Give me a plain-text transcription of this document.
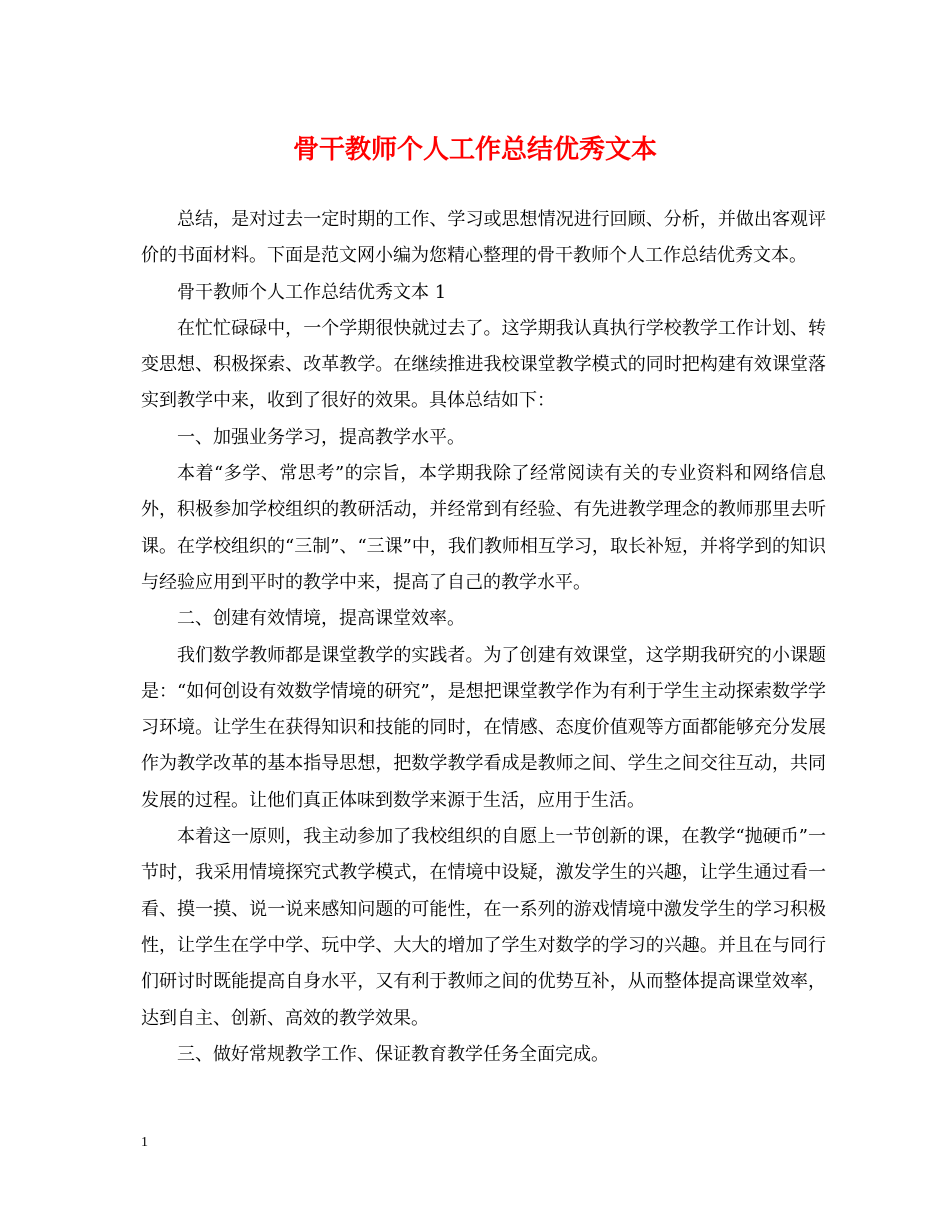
骨干教师个人工作总结优秀文本

总结，是对过去一定时期的工作、学习或思想情况进行回顾、分析，并做出客观评价的书面材料。下面是范文网小编为您精心整理的骨干教师个人工作总结优秀文本。

骨干教师个人工作总结优秀文本 1

在忙忙碌碌中，一个学期很快就过去了。这学期我认真执行学校教学工作计划、转变思想、积极探索、改革教学。在继续推进我校课堂教学模式的同时把构建有效课堂落实到教学中来，收到了很好的效果。具体总结如下：

一、加强业务学习，提高教学水平。

本着“多学、常思考”的宗旨，本学期我除了经常阅读有关的专业资料和网络信息外，积极参加学校组织的教研活动，并经常到有经验、有先进教学理念的教师那里去听课。在学校组织的“三制”、“三课”中，我们教师相互学习，取长补短，并将学到的知识与经验应用到平时的教学中来，提高了自己的教学水平。

二、创建有效情境，提高课堂效率。

我们数学教师都是课堂教学的实践者。为了创建有效课堂，这学期我研究的小课题是：“如何创设有效数学情境的研究”，是想把课堂教学作为有利于学生主动探索数学学习环境。让学生在获得知识和技能的同时，在情感、态度价值观等方面都能够充分发展作为教学改革的基本指导思想，把数学教学看成是教师之间、学生之间交往互动，共同发展的过程。让他们真正体味到数学来源于生活，应用于生活。

本着这一原则，我主动参加了我校组织的自愿上一节创新的课，在教学“抛硬币”一节时，我采用情境探究式教学模式，在情境中设疑，激发学生的兴趣，让学生通过看一看、摸一摸、说一说来感知问题的可能性，在一系列的游戏情境中激发学生的学习积极性，让学生在学中学、玩中学、大大的增加了学生对数学的学习的兴趣。并且在与同行们研讨时既能提高自身水平，又有利于教师之间的优势互补，从而整体提高课堂效率，达到自主、创新、高效的教学效果。

三、做好常规教学工作、保证教育教学任务全面完成。

1
